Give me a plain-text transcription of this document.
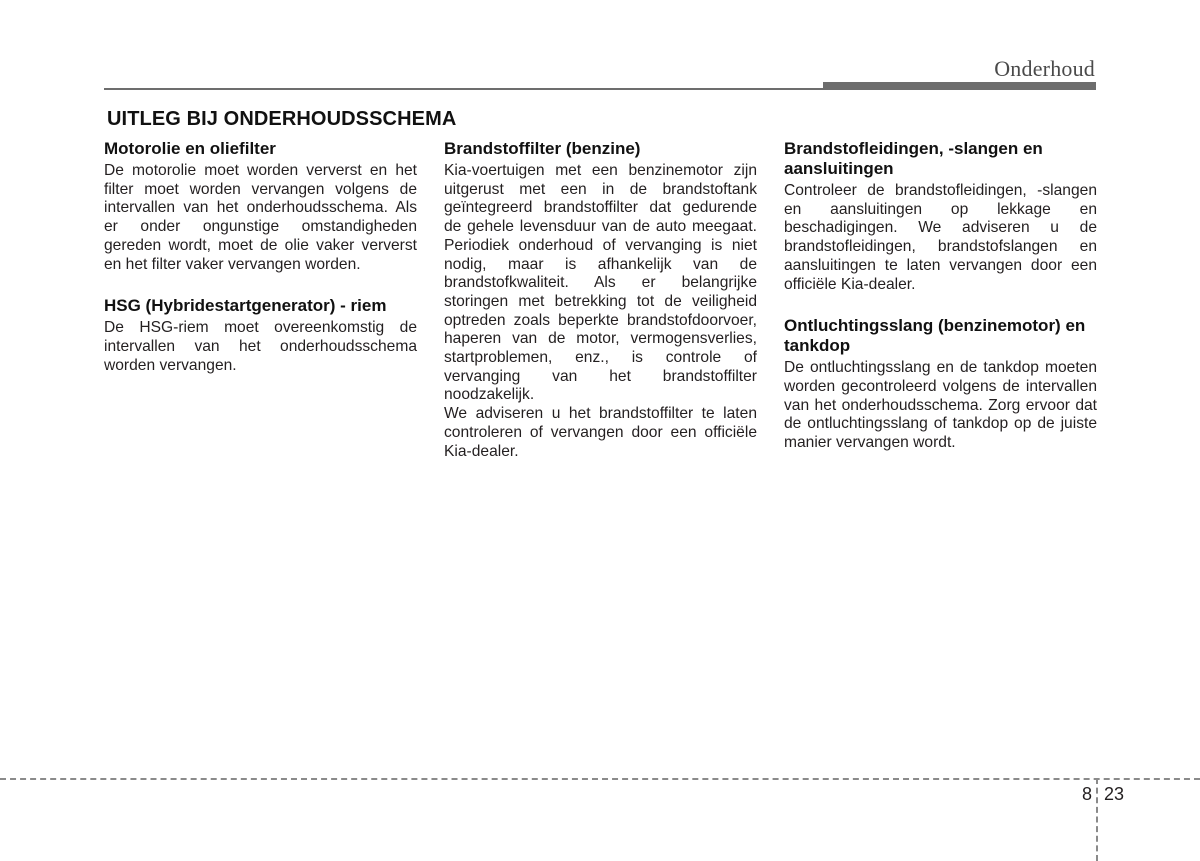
Onderhoud
UITLEG BIJ ONDERHOUDSSCHEMA
Motorolie en oliefilter

De motorolie moet worden ververst en het filter moet worden vervangen volgens de intervallen van het onderhoudsschema. Als er onder ongunstige omstandigheden gereden wordt, moet de olie vaker ververst en het filter vaker vervangen worden.

HSG (Hybridestartgenerator) - riem

De HSG-riem moet overeenkomstig de intervallen van het onderhoudsschema worden vervangen.

Brandstoffilter (benzine)

Kia-voertuigen met een benzinemotor zijn uitgerust met een in de brandstoftank geïntegreerd brandstoffilter dat gedurende de gehele levensduur van de auto meegaat. Periodiek onderhoud of vervanging is niet nodig, maar is afhankelijk van de brandstofkwaliteit. Als er belangrijke storingen met betrekking tot de veiligheid optreden zoals beperkte brandstofdoorvoer, haperen van de motor, vermogensverlies, startproblemen, enz., is controle of vervanging van het brandstoffilter noodzakelijk.

We adviseren u het brandstoffilter te laten controleren of vervangen door een officiële Kia-dealer.

Brandstofleidingen, -slangen en aansluitingen

Controleer de brandstofleidingen, -slangen en aansluitingen op lekkage en beschadigingen. We adviseren u de brandstofleidingen, brandstofslangen en aansluitingen te laten vervangen door een officiële Kia-dealer.

Ontluchtingsslang (benzinemotor) en tankdop

De ontluchtingsslang en de tankdop moeten worden gecontroleerd volgens de intervallen van het onderhoudsschema. Zorg ervoor dat de ontluchtingsslang of tankdop op de juiste manier vervangen wordt.

8 23
